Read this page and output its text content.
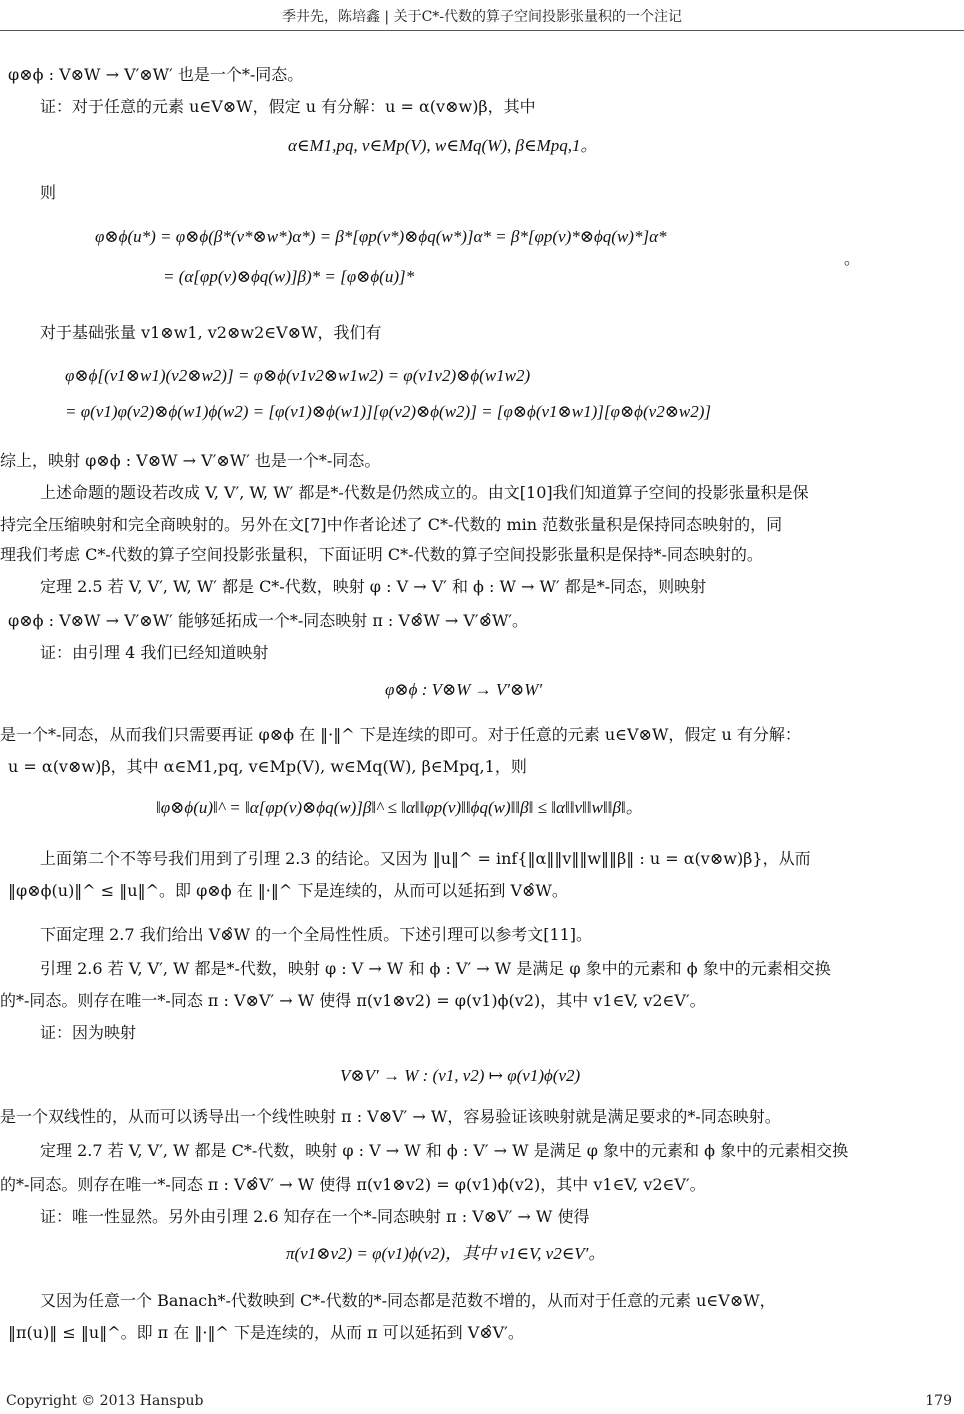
季井先，陈培鑫 | 关于C*-代数的算子空间投影张量积的一个注记
φ⊗ϕ : V⊗W → V′⊗W′ 也是一个*-同态。
证：对于任意的元素 u∈V⊗W，假定 u 有分解：u = α(v⊗w)β，其中
α∈M1,pq, v∈Mp(V), w∈Mq(W), β∈Mpq,1。
则
φ⊗ϕ(u*) = φ⊗ϕ(β*(v*⊗w*)α*) = β*[φp(v*)⊗ϕq(w*)]α* = β*[φp(v)*⊗ϕq(w)*]α*
= (α[φp(v)⊗ϕq(w)]β)* = [φ⊗ϕ(u)]*
。
对于基础张量 v1⊗w1, v2⊗w2∈V⊗W，我们有
φ⊗ϕ[(v1⊗w1)(v2⊗w2)] = φ⊗ϕ(v1v2⊗w1w2) = φ(v1v2)⊗ϕ(w1w2)
= φ(v1)φ(v2)⊗ϕ(w1)ϕ(w2) = [φ(v1)⊗ϕ(w1)][φ(v2)⊗ϕ(w2)] = [φ⊗ϕ(v1⊗w1)][φ⊗ϕ(v2⊗w2)]
综上，映射 φ⊗ϕ : V⊗W → V′⊗W′ 也是一个*-同态。
上述命题的题设若改成 V, V′, W, W′ 都是*-代数是仍然成立的。由文[10]我们知道算子空间的投影张量积是保
持完全压缩映射和完全商映射的。另外在文[7]中作者论述了 C*-代数的 min 范数张量积是保持同态映射的，同
理我们考虑 C*-代数的算子空间投影张量积，下面证明 C*-代数的算子空间投影张量积是保持*-同态映射的。
定理 2.5 若 V, V′, W, W′ 都是 C*-代数，映射 φ : V → V′ 和 ϕ : W → W′ 都是*-同态，则映射
φ⊗ϕ : V⊗W → V′⊗W′ 能够延拓成一个*-同态映射 π : V⊗̂W → V′⊗̂W′。
证：由引理 4 我们已经知道映射
φ⊗ϕ : V⊗W → V′⊗W′
是一个*-同态，从而我们只需要再证 φ⊗ϕ 在 ‖·‖^ 下是连续的即可。对于任意的元素 u∈V⊗W，假定 u 有分解：
u = α(v⊗w)β，其中 α∈M1,pq, v∈Mp(V), w∈Mq(W), β∈Mpq,1，则
‖φ⊗ϕ(u)‖^ = ‖α[φp(v)⊗ϕq(w)]β‖^ ≤ ‖α‖‖φp(v)‖‖ϕq(w)‖‖β‖ ≤ ‖α‖‖v‖‖w‖‖β‖。
上面第二个不等号我们用到了引理 2.3 的结论。又因为 ‖u‖^ = inf{‖α‖‖v‖‖w‖‖β‖ : u = α(v⊗w)β}，从而
‖φ⊗ϕ(u)‖^ ≤ ‖u‖^。即 φ⊗ϕ 在 ‖·‖^ 下是连续的，从而可以延拓到 V⊗̂W。
下面定理 2.7 我们给出 V⊗̂W 的一个全局性性质。下述引理可以参考文[11]。
引理 2.6 若 V, V′, W 都是*-代数，映射 φ : V → W 和 ϕ : V′ → W 是满足 φ 象中的元素和 ϕ 象中的元素相交换
的*-同态。则存在唯一*-同态 π : V⊗V′ → W 使得 π(v1⊗v2) = φ(v1)ϕ(v2)，其中 v1∈V, v2∈V′。
证：因为映射
V⊗V′ → W : (v1, v2) ↦ φ(v1)ϕ(v2)
是一个双线性的，从而可以诱导出一个线性映射 π : V⊗V′ → W，容易验证该映射就是满足要求的*-同态映射。
定理 2.7 若 V, V′, W 都是 C*-代数，映射 φ : V → W 和 ϕ : V′ → W 是满足 φ 象中的元素和 ϕ 象中的元素相交换
的*-同态。则存在唯一*-同态 π : V⊗̂V′ → W 使得 π(v1⊗v2) = φ(v1)ϕ(v2)，其中 v1∈V, v2∈V′。
证：唯一性显然。另外由引理 2.6 知存在一个*-同态映射 π : V⊗V′ → W 使得
π(v1⊗v2) = φ(v1)ϕ(v2)，其中 v1∈V, v2∈V′。
又因为任意一个 Banach*-代数映到 C*-代数的*-同态都是范数不增的，从而对于任意的元素 u∈V⊗W，
‖π(u)‖ ≤ ‖u‖^。即 π 在 ‖·‖^ 下是连续的，从而 π 可以延拓到 V⊗̂V′。
Copyright © 2013 Hanspub	179
